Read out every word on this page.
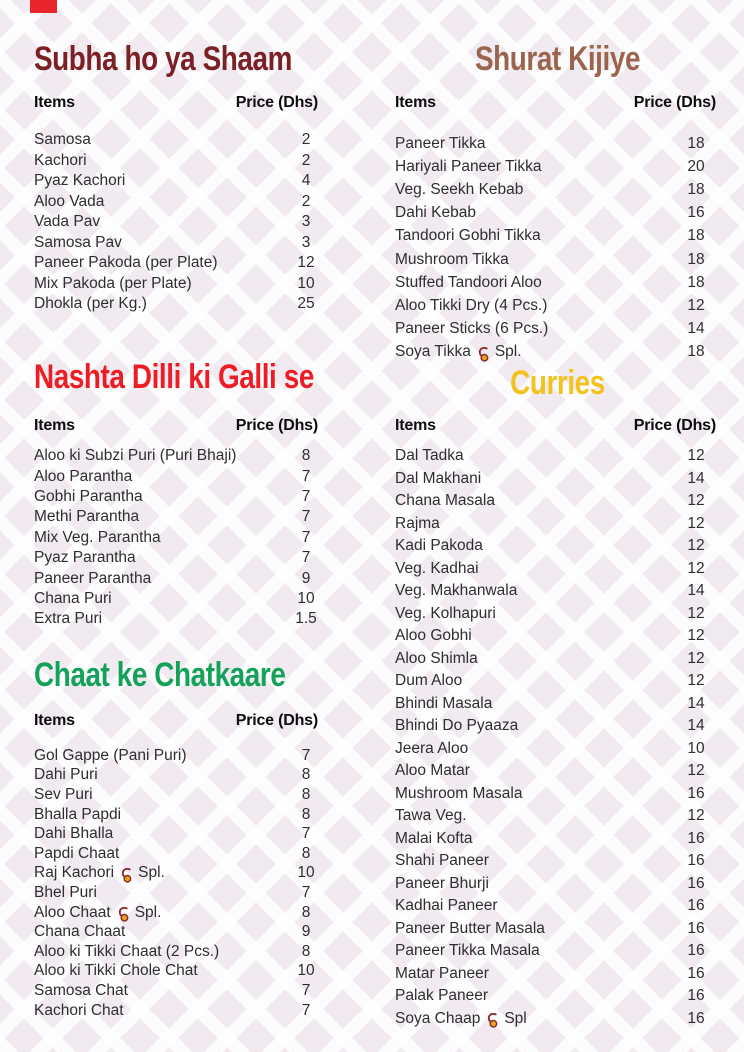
Subha ho ya Shaam
Items	Price (Dhs)
Samosa	2
Kachori	2
Pyaz Kachori	4
Aloo Vada	2
Vada Pav	3
Samosa Pav	3
Paneer Pakoda (per Plate)	12
Mix Pakoda (per Plate)	10
Dhokla (per Kg.)	25
Shurat Kijiye
Items	Price (Dhs)
Paneer Tikka	18
Hariyali Paneer Tikka	20
Veg. Seekh Kebab	18
Dahi Kebab	16
Tandoori Gobhi Tikka	18
Mushroom Tikka	18
Stuffed Tandoori Aloo	18
Aloo Tikki Dry (4 Pcs.)	12
Paneer Sticks (6 Pcs.)	14
Soya Tikka Spl.	18
Nashta Dilli ki Galli se
Items	Price (Dhs)
Aloo ki Subzi Puri (Puri Bhaji)	8
Aloo Parantha	7
Gobhi Parantha	7
Methi Parantha	7
Mix Veg. Parantha	7
Pyaz Parantha	7
Paneer Parantha	9
Chana Puri	10
Extra Puri	1.5
Curries
Items	Price (Dhs)
Dal Tadka	12
Dal Makhani	14
Chana Masala	12
Rajma	12
Kadi Pakoda	12
Veg. Kadhai	12
Veg. Makhanwala	14
Veg. Kolhapuri	12
Aloo Gobhi	12
Aloo Shimla	12
Dum Aloo	12
Bhindi Masala	14
Bhindi Do Pyaaza	14
Jeera Aloo	10
Aloo Matar	12
Mushroom Masala	16
Tawa Veg.	12
Malai Kofta	16
Shahi Paneer	16
Paneer Bhurji	16
Kadhai Paneer	16
Paneer Butter Masala	16
Paneer Tikka Masala	16
Matar Paneer	16
Palak Paneer	16
Soya Chaap Spl	16
Chaat ke Chatkaare
Items	Price (Dhs)
Gol Gappe (Pani Puri)	7
Dahi Puri	8
Sev Puri	8
Bhalla Papdi	8
Dahi Bhalla	7
Papdi Chaat	8
Raj Kachori Spl.	10
Bhel Puri	7
Aloo Chaat Spl.	8
Chana Chaat	9
Aloo ki Tikki Chaat (2 Pcs.)	8
Aloo ki Tikki Chole Chat	10
Samosa Chat	7
Kachori Chat	7
